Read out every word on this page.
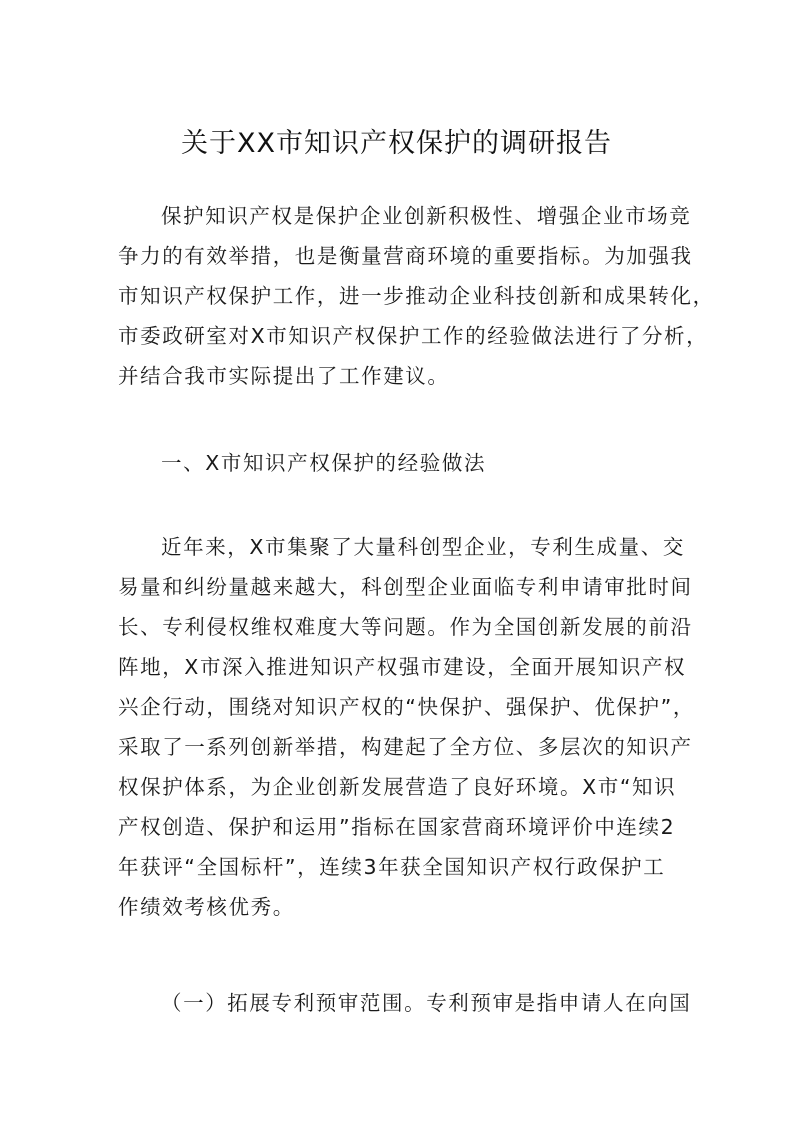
关于XX市知识产权保护的调研报告
保护知识产权是保护企业创新积极性、增强企业市场竞
争力的有效举措，也是衡量营商环境的重要指标。为加强我
市知识产权保护工作，进一步推动企业科技创新和成果转化，
市委政研室对X市知识产权保护工作的经验做法进行了分析，
并结合我市实际提出了工作建议。
一、X市知识产权保护的经验做法
近年来，X市集聚了大量科创型企业，专利生成量、交
易量和纠纷量越来越大，科创型企业面临专利申请审批时间
长、专利侵权维权难度大等问题。作为全国创新发展的前沿
阵地，X市深入推进知识产权强市建设，全面开展知识产权
兴企行动，围绕对知识产权的“快保护、强保护、优保护”，
采取了一系列创新举措，构建起了全方位、多层次的知识产
权保护体系，为企业创新发展营造了良好环境。X市“知识
产权创造、保护和运用”指标在国家营商环境评价中连续2
年获评“全国标杆”，连续3年获全国知识产权行政保护工
作绩效考核优秀。
（一）拓展专利预审范围。专利预审是指申请人在向国
